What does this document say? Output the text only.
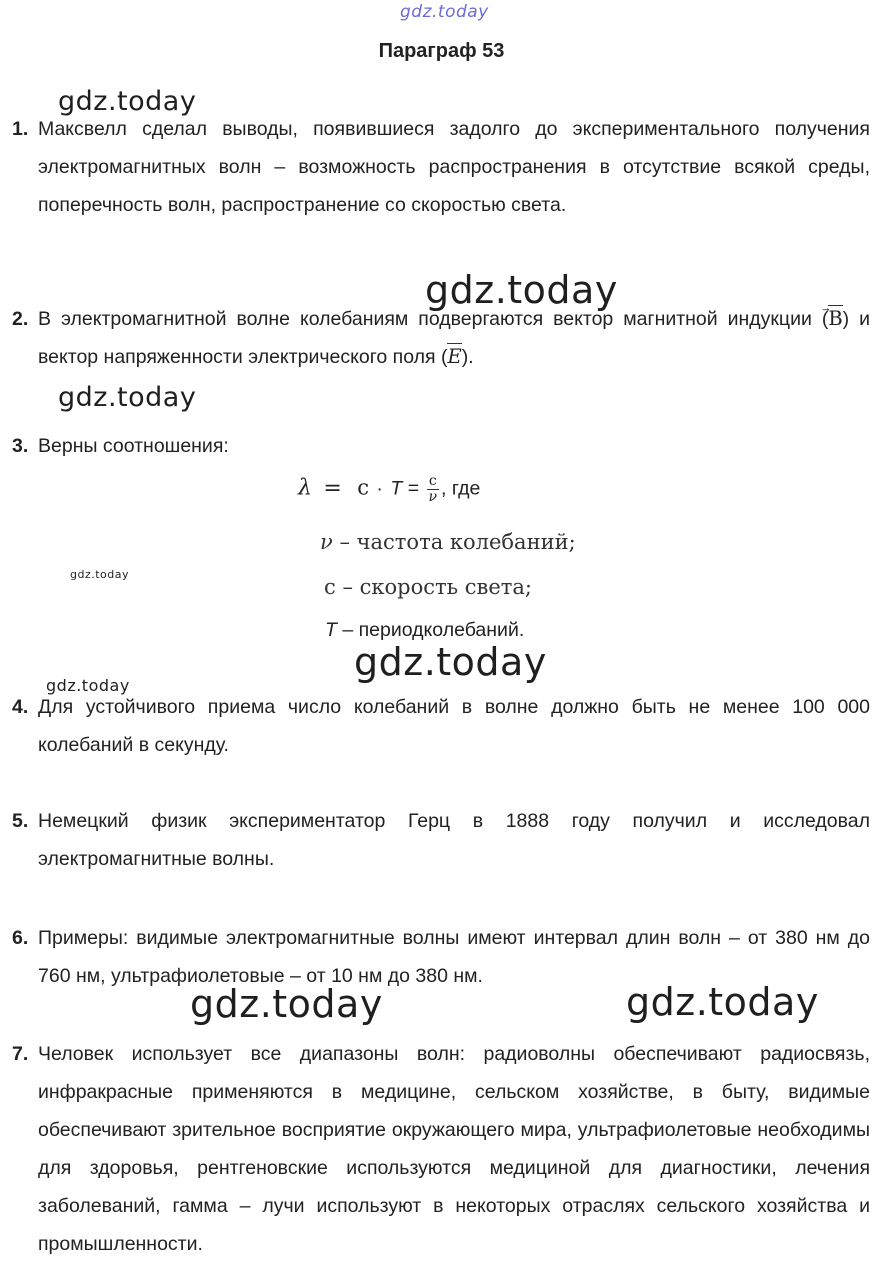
gdz.today
gdz.today
gdz.today
gdz.today
gdz.today
gdz.today
gdz.today
gdz.today	gdz.today
Параграф 53
1. Максвелл сделал выводы, появившиеся задолго до экспериментального получения электромагнитных волн – возможность распространения в отсутствие всякой среды, поперечность волн, распространение со скоростью света.
2. В электромагнитной волне колебаниям подвергаются вектор магнитной индукции (
B) и вектор напряженности электрического поля (E).
3. Верны соотношения:
$\lambda = c \cdot T = \frac{c}{\nu}$ , где
ν – частота колебаний;
c – скорость света;
T – периодколебаний.
4. Для устойчивого приема число колебаний в волне должно быть не менее 100 000 колебаний в секунду.
5. Немецкий физик экспериментатор Герц в 1888 году получил и исследовал электромагнитные волны.
6. Примеры: видимые электромагнитные волны имеют интервал длин волн – от 380 нм до 760 нм, ультрафиолетовые – от 10 нм до 380 нм.
7. Человек использует все диапазоны волн: радиоволны обеспечивают радиосвязь, инфракрасные применяются в медицине, сельском хозяйстве, в быту, видимые обеспечивают зрительное восприятие окружающего мира, ультрафиолетовые необходимы для здоровья, рентгеновские используются медициной для диагностики, лечения заболеваний, гамма – лучи используют в некоторых отраслях сельского хозяйства и промышленности.
